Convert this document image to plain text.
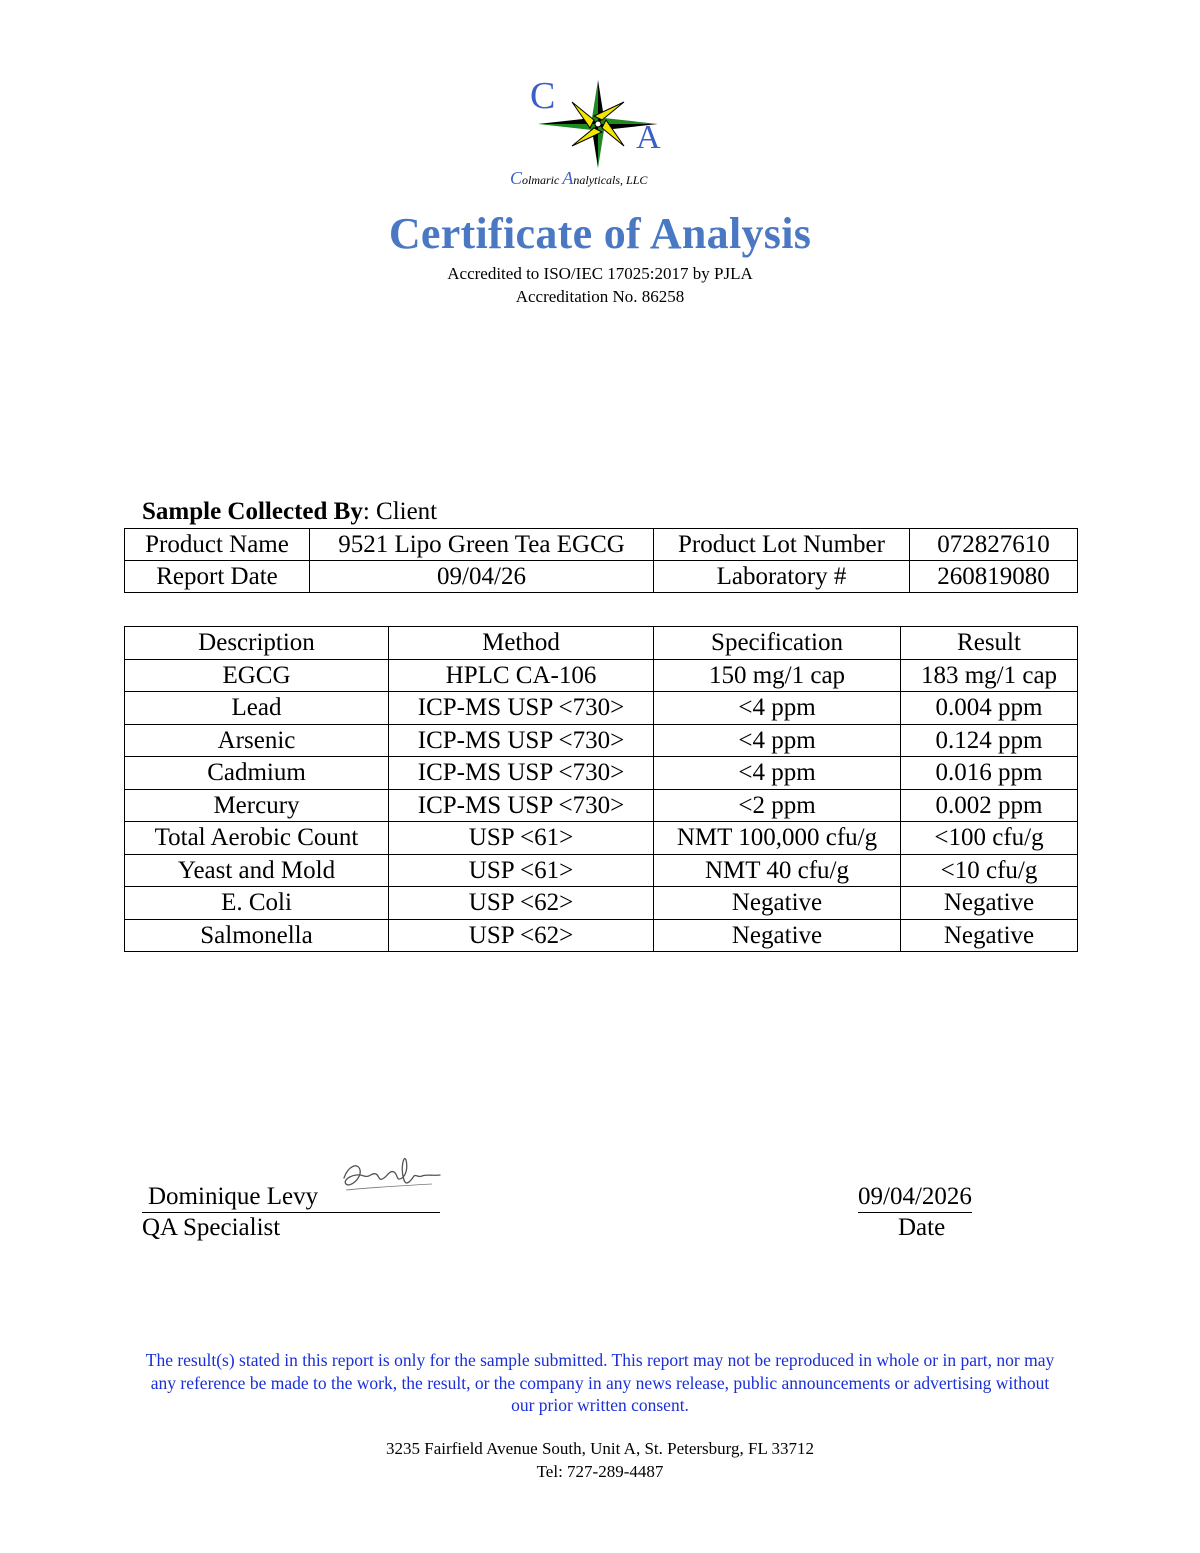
C
A
Colmaric Analyticals, LLC
Certificate of Analysis
Accredited to ISO/IEC 17025:2017 by PJLA
Accreditation No. 86258
Sample Collected By: Client
Product Name	9521 Lipo Green Tea EGCG	Product Lot Number	072827610
Report Date	09/04/26	Laboratory #	260819080
Description	Method	Specification	Result
EGCG	HPLC CA-106	150 mg/1 cap	183 mg/1 cap
Lead	ICP-MS USP <730>	<4 ppm	0.004 ppm
Arsenic	ICP-MS USP <730>	<4 ppm	0.124 ppm
Cadmium	ICP-MS USP <730>	<4 ppm	0.016 ppm
Mercury	ICP-MS USP <730>	<2 ppm	0.002 ppm
Total Aerobic Count	USP <61>	NMT 100,000 cfu/g	<100 cfu/g
Yeast and Mold	USP <61>	NMT 40 cfu/g	<10 cfu/g
E. Coli	USP <62>	Negative	Negative
Salmonella	USP <62>	Negative	Negative
Dominique Levy
QA Specialist
09/04/2026
Date
The result(s) stated in this report is only for the sample submitted. This report may not be reproduced in whole or in part, nor may any reference be made to the work, the result, or the company in any news release, public announcements or advertising without our prior written consent.
3235 Fairfield Avenue South, Unit A, St. Petersburg, FL 33712
Tel: 727-289-4487
